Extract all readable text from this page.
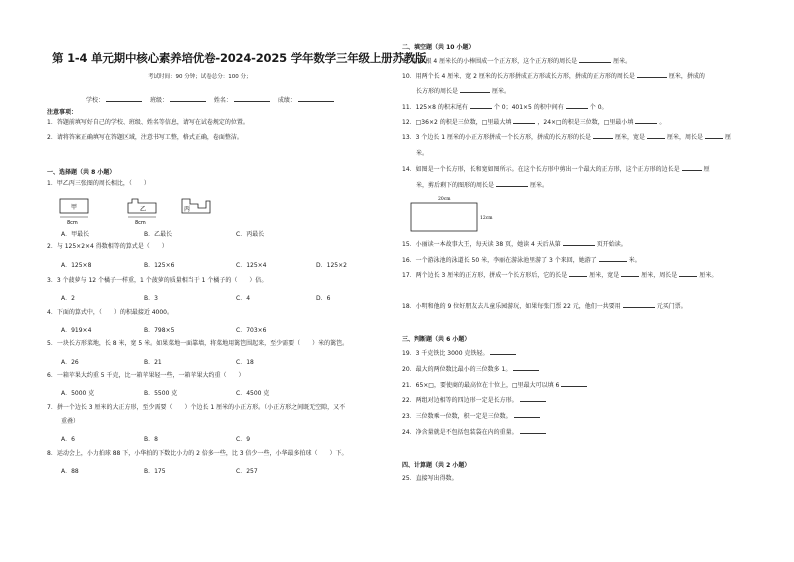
第 1-4 单元期中核心素养培优卷-2024-2025 学年数学三年级上册苏教版
考试时间：90 分钟；试卷总分：100 分；
学校：	班级：	姓名：	成绩：
注意事项：
1．答题前填写好自己的学校、班级、姓名等信息，请写在试卷规定的位置。
2．请将答案正确填写在答题区域，注意书写工整，格式正确，卷面整洁。
一、选择题（共 8 小题）
1．甲乙丙三张图的周长相比，（　　）
甲
8cm
乙
8cm
丙
A．甲最长	B．乙最长	C．丙最长
2．与 125×2×4 得数相等的算式是（　　）
A．125×8	B．125×6	C．125×4	D．125×2
3．3 个菠萝与 12 个橘子一样重，1 个菠萝的质量相当于 1 个橘子的（　　）倍。
A．2	B．3	C．4	D．6
4．下面的算式中，（　　）的积最接近 4000。
A．919×4	B．798×5	C．703×6
5．一块长方形菜地，长 8 米，宽 5 米。如果菜地一面靠墙，将菜地用篱笆围起来，至少需要（　　）米的篱笆。
A．26	B．21	C．18
6．一箱苹果大约重 5 千克，比一箱苹果轻一些，一箱苹果大约重（　　）
A．5000 克	B．5500 克	C．4500 克
7．拼一个边长 3 厘米的大正方形，至少需要（　　）个边长 1 厘米的小正方形。（小正方形之间既无空隙，又不
重叠）
A．6	B．8	C．9
8．运动会上，小力拍球 88 下，小华拍的下数比小力的 2 倍多一些，比 3 倍少一些，小华最多拍球（　　）下。
A．88	B．175	C．257
二、填空题（共 10 小题）
9．用 8 根 4 厘米长的小棒围成一个正方形，这个正方形的周长是	厘米。
10．用两个长 4 厘米、宽 2 厘米的长方形拼成正方形或长方形，拼成的正方形的周长是	厘米，拼成的
长方形的周长是	厘米。
11．125×8 的积末尾有	个 0；401×5 的积中间有	个 0。
12．□36×2 的积是三位数，□里最大填	，24×□的积是三位数，□里最小填	。
13．3 个边长 1 厘米的小正方形拼成一个长方形，拼成的长方形的长是	厘米，宽是	厘米，周长是	厘
米。
14．如图是一个长方形，长和宽如图所示。在这个长方形中剪出一个最大的正方形，这个正方形的边长是	厘
米，剪后剩下的图形的周长是	厘米。
20cm
12cm
15．小丽读一本故事大王，每天读 38 页，她读 4 天后从第	页开始读。
16．一个游泳池的泳道长 50 米，李丽在游泳池里游了 3 个来回，她游了	米。
17．两个边长 3 厘米的正方形，拼成一个长方形后，它的长是	厘米，宽是	厘米，周长是	厘米。
18．小明和他的 9 位好朋友去儿童乐园游玩，如果每张门票 22 元，他们一共要用	元买门票。
三、判断题（共 6 小题）
19．3 千克铁比 3000 克铁轻。
20．最大的两位数比最小的三位数多 1。
21．65×□，要使商的最高位在十位上，□里最大可以填 6
22．两组对边相等的四边形一定是长方形。
23．三位数乘一位数，积一定是三位数。
24．净含量就是不包括包装袋在内的重量。
四、计算题（共 2 小题）
25．直接写出得数。
